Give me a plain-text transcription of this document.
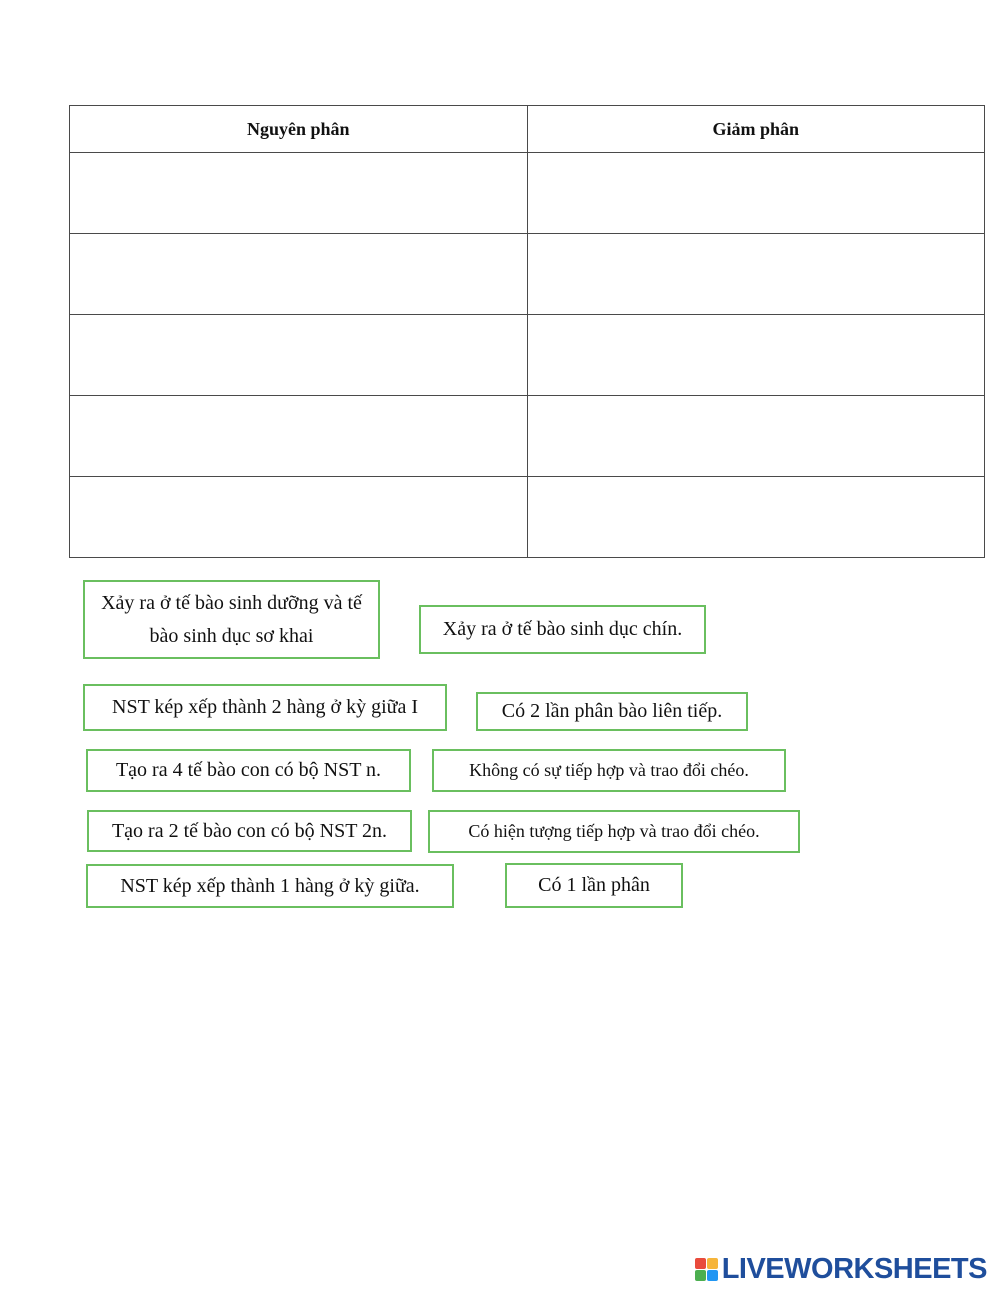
Nguyên phân	Giảm phân

Xảy ra ở tế bào sinh dưỡng và tế bào sinh dục sơ khai	Xảy ra ở tế bào sinh dục chín.
NST kép xếp thành 2 hàng ở kỳ giữa I	Có 2 lần phân bào liên tiếp.
Tạo ra 4 tế bào con có bộ NST n.	Không có sự tiếp hợp và trao đổi chéo.
Tạo ra 2 tế bào con có bộ NST 2n.	Có hiện tượng tiếp hợp và trao đổi chéo.
NST kép xếp thành 1 hàng ở kỳ giữa.	Có 1 lần phân
LIVEWORKSHEETS
